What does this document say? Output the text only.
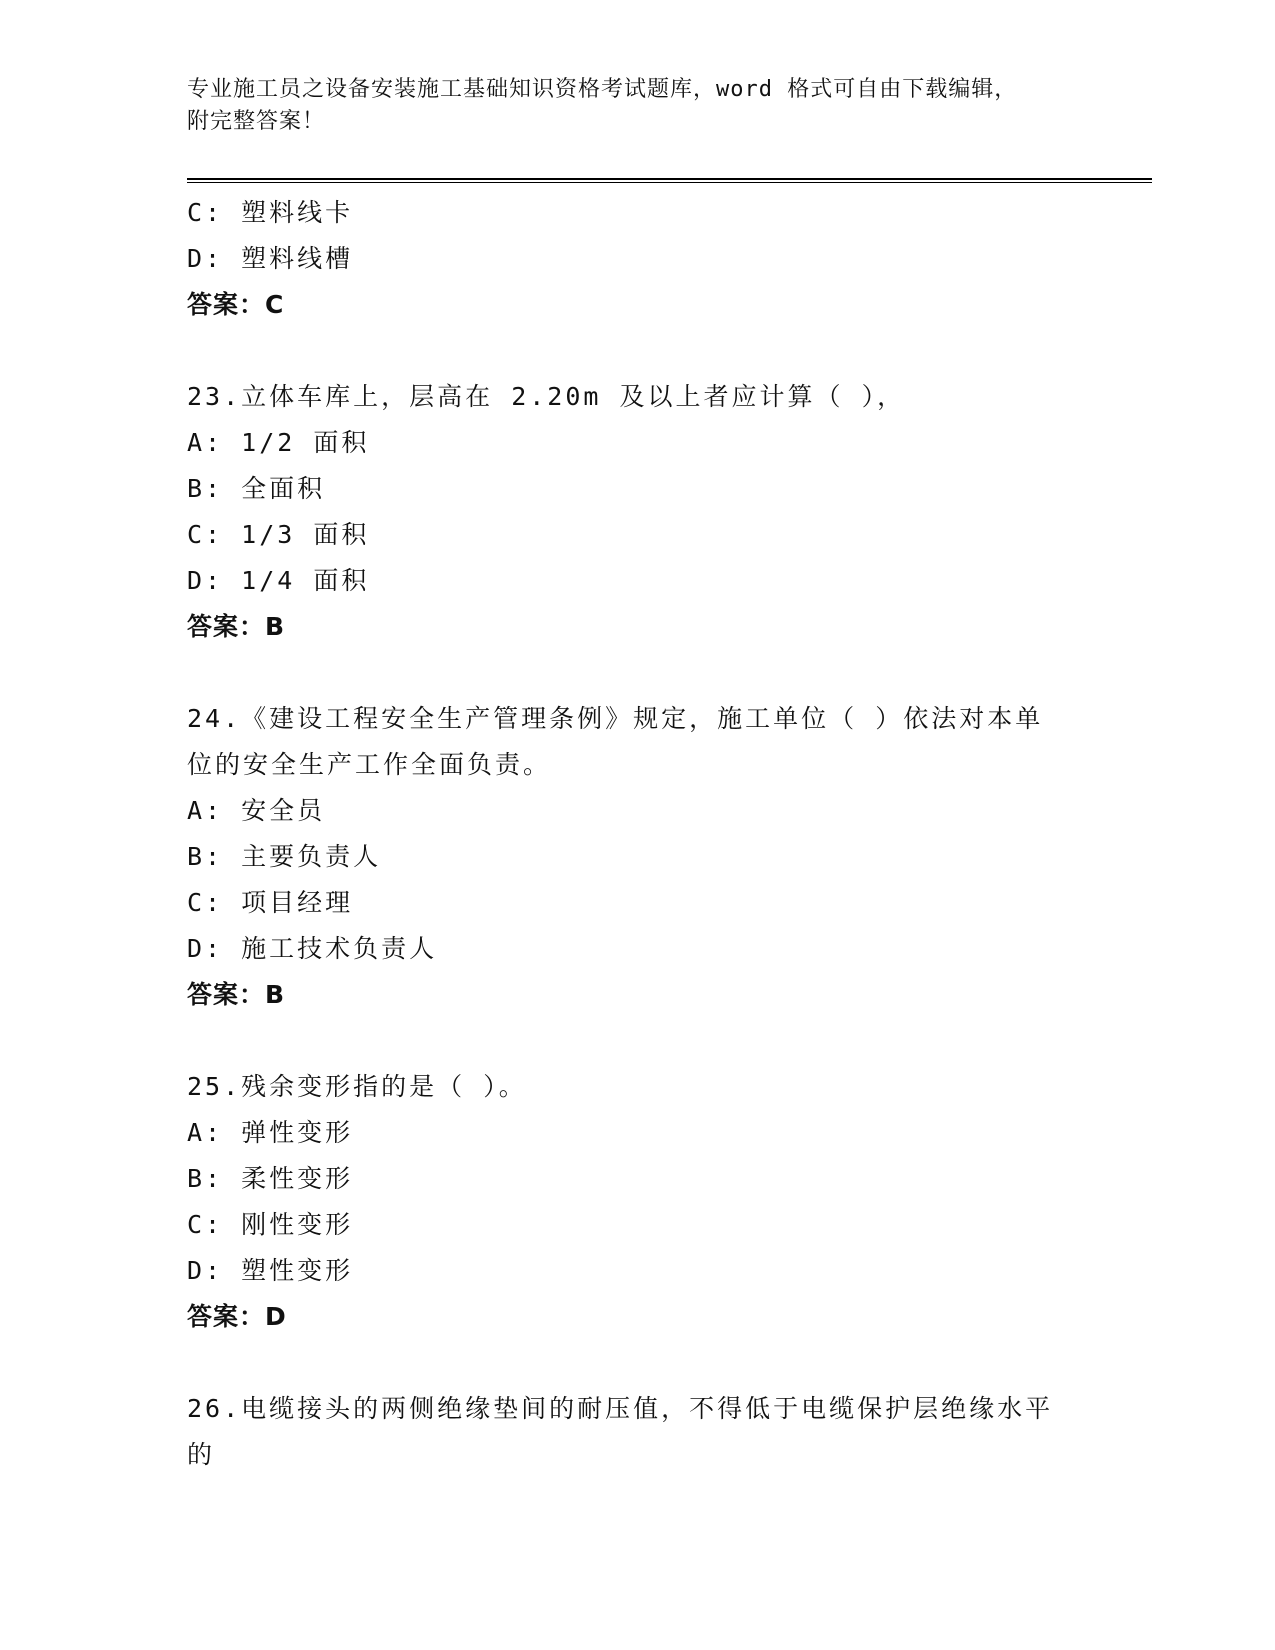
专业施工员之设备安装施工基础知识资格考试题库，word 格式可自由下载编辑，
附完整答案！
C: 塑料线卡
D: 塑料线槽
答案：C
23.立体车库上，层高在 2.20m 及以上者应计算（ ），
A: 1/2 面积
B: 全面积
C: 1/3 面积
D: 1/4 面积
答案：B
24.《建设工程安全生产管理条例》规定，施工单位（ ）依法对本单
位的安全生产工作全面负责。
A: 安全员
B: 主要负责人
C: 项目经理
D: 施工技术负责人
答案：B
25.残余变形指的是（ ）。
A: 弹性变形
B: 柔性变形
C: 刚性变形
D: 塑性变形
答案：D
26.电缆接头的两侧绝缘垫间的耐压值，不得低于电缆保护层绝缘水平
的
